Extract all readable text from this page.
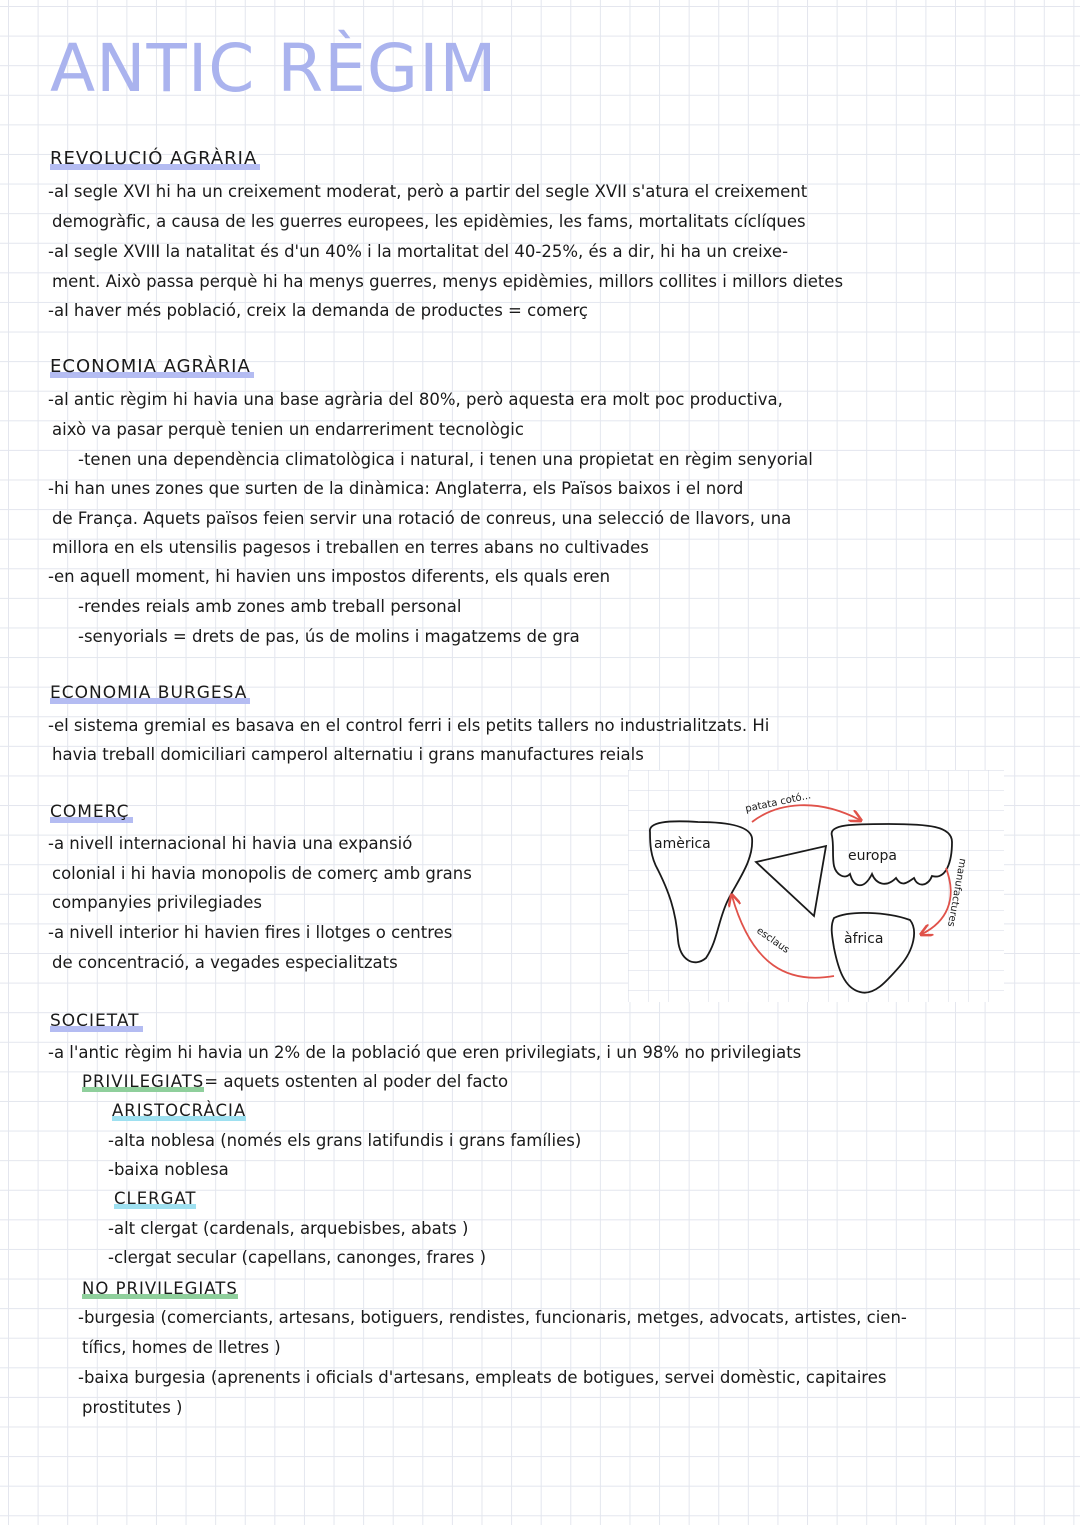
ANTIC RÈGIM
REVOLUCIÓ AGRÀRIA

-al segle XVI hi ha un creixement moderat, però a partir del segle XVII s'atura el creixement

demogràfic, a causa de les guerres europees, les epidèmies, les fams, mortalitats cíclíques

-al segle XVIII la natalitat és d'un 40% i la mortalitat del 40-25%, és a dir, hi ha un creixe-

ment. Això passa perquè hi ha menys guerres, menys epidèmies, millors collites i millors dietes

-al haver més població, creix la demanda de productes = comerç

ECONOMIA AGRÀRIA

-al antic règim hi havia una base agrària del 80%, però aquesta era molt poc productiva,

això va pasar perquè tenien un endarreriment tecnològic

-tenen una dependència climatològica i natural, i tenen una propietat en règim senyorial

-hi han unes zones que surten de la dinàmica: Anglaterra, els Països baixos i el nord

de França. Aquets països feien servir una rotació de conreus, una selecció de llavors, una

millora en els utensilis pagesos i treballen en terres abans no cultivades

-en aquell moment, hi havien uns impostos diferents, els quals eren

-rendes reials amb zones amb treball personal

-senyorials = drets de pas, ús de molins i magatzems de gra

ECONOMIA BURGESA

-el sistema gremial es basava en el control ferri i els petits tallers no industrialitzats. Hi

havia treball domiciliari camperol alternatiu i grans manufactures reials

COMERÇ

-a nivell internacional hi havia una expansió

colonial i hi havia monopolis de comerç amb grans

companyies privilegiades

-a nivell interior hi havien fires i llotges o centres

de concentració, a vegades especialitzats

amèrica
europa
àfrica
patata cotó...
manufactures
esclaus
SOCIETAT

-a l'antic règim hi havia un 2% de la població que eren privilegiats, i un 98% no privilegiats

PRIVILEGIATS= aquets ostenten al poder del facto

ARISTOCRÀCIA

-alta noblesa (només els grans latifundis i grans famílies)

-baixa noblesa

CLERGAT

-alt clergat (cardenals, arquebisbes, abats )

-clergat secular (capellans, canonges, frares )

NO PRIVILEGIATS

-burgesia (comerciants, artesans, botiguers, rendistes, funcionaris, metges, advocats, artistes, cien-

tífics, homes de lletres )

-baixa burgesia (aprenents i oficials d'artesans, empleats de botigues, servei domèstic, capitaires

prostitutes )
